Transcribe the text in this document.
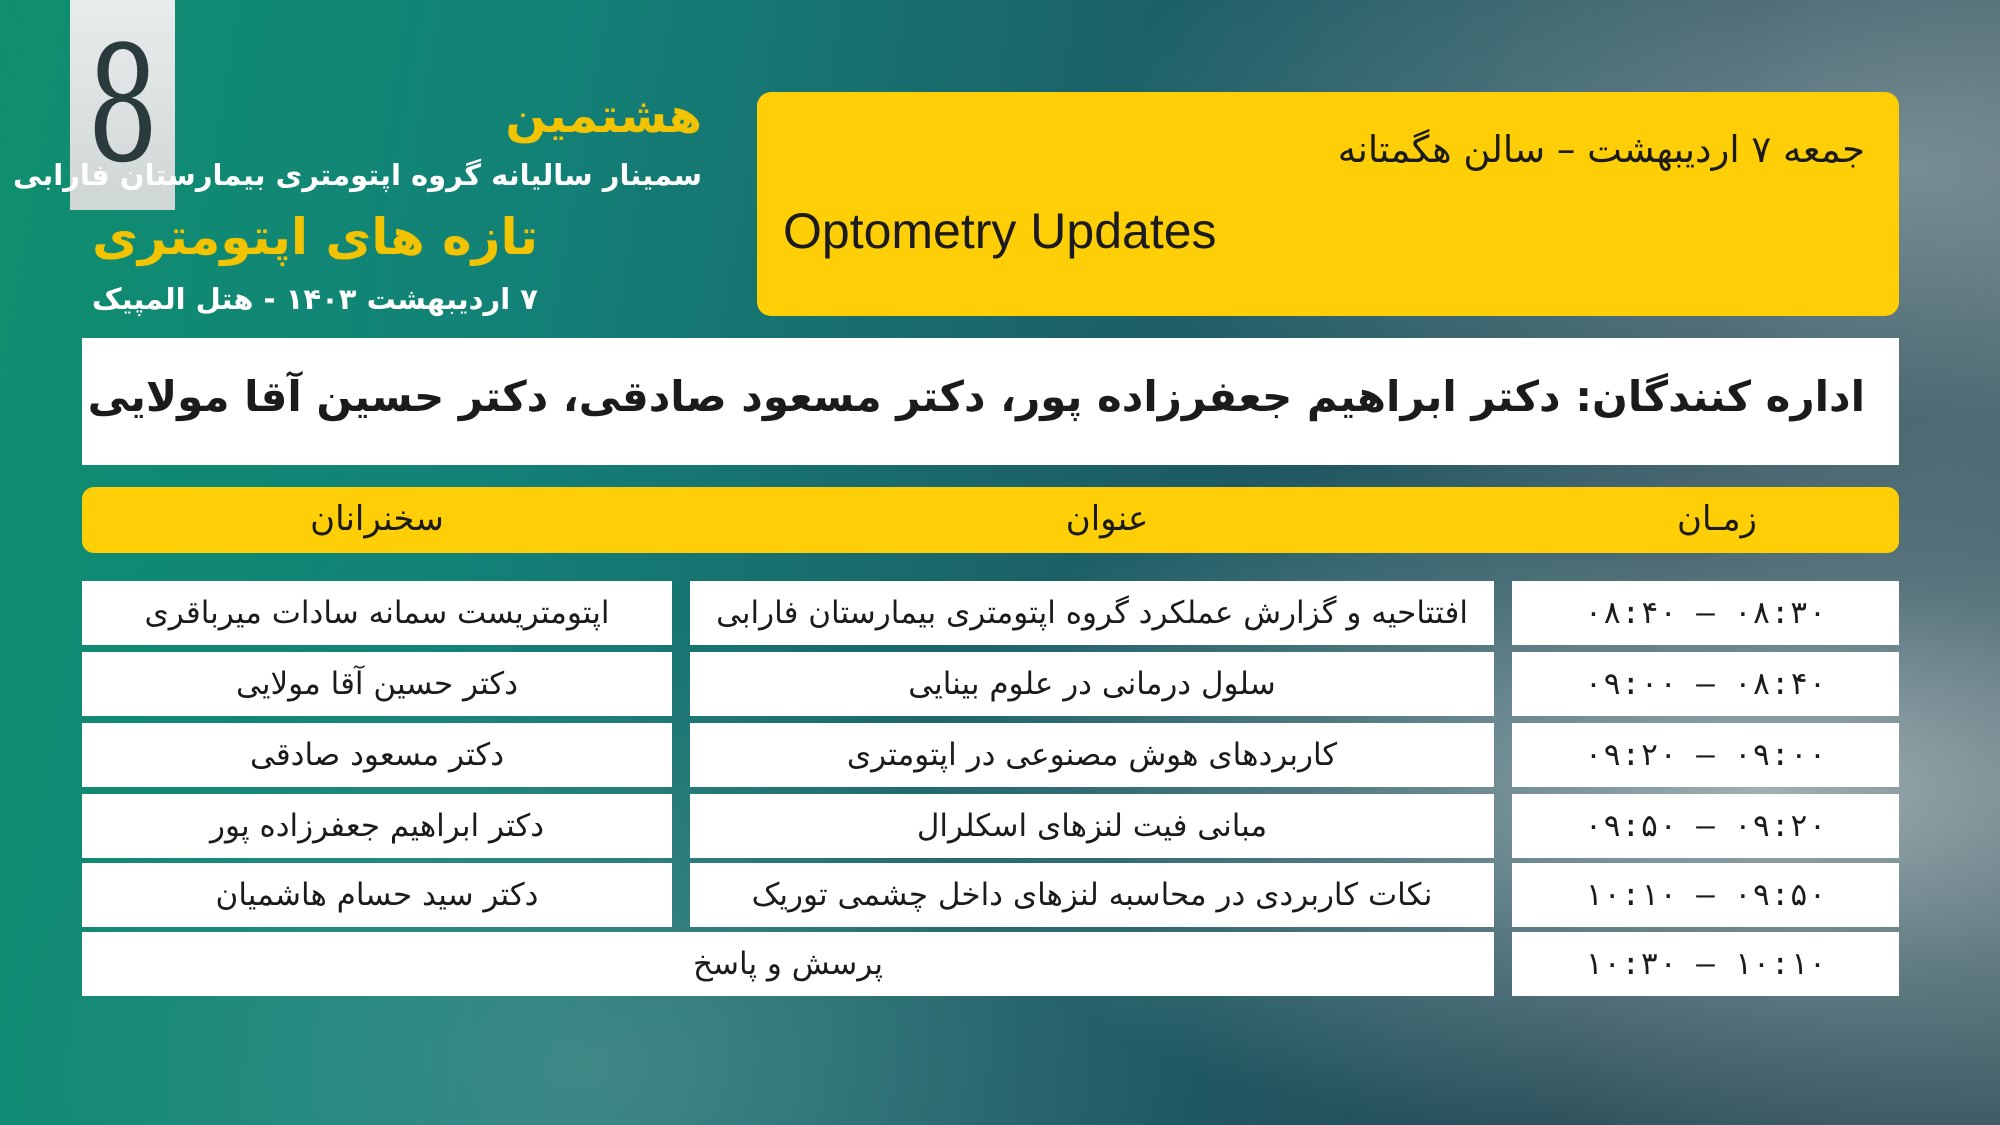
8	هشتمین
سمینار سالیانه گروه اپتومتری بیمارستان فارابی
تازه های اپتومتری
۷ اردیبهشت ۱۴۰۳ - هتل المپیک
جمعه ۷ اردیبهشت – سالن هگمتانه
Optometry Updates
اداره کنندگان: دکتر ابراهیم جعفرزاده پور، دکتر مسعود صادقی، دکتر حسین آقا مولایی
زمـان
عنوان
سخنرانان
۰۸:۳۰ – ۰۸:۴۰
افتتاحیه و گزارش عملکرد گروه اپتومتری بیمارستان فارابی
اپتومتریست سمانه سادات میرباقری
۰۸:۴۰ – ۰۹:۰۰
سلول درمانی در علوم بینایی
دکتر حسین آقا مولایی
۰۹:۰۰ – ۰۹:۲۰
کاربردهای هوش مصنوعی در اپتومتری
دکتر مسعود صادقی
۰۹:۲۰ – ۰۹:۵۰
مبانی فیت لنزهای اسکلرال
دکتر ابراهیم جعفرزاده پور
۰۹:۵۰ – ۱۰:۱۰
نکات کاربردی در محاسبه لنزهای داخل چشمی توریک
دکتر سید حسام هاشمیان
۱۰:۱۰ – ۱۰:۳۰
پرسش و پاسخ
